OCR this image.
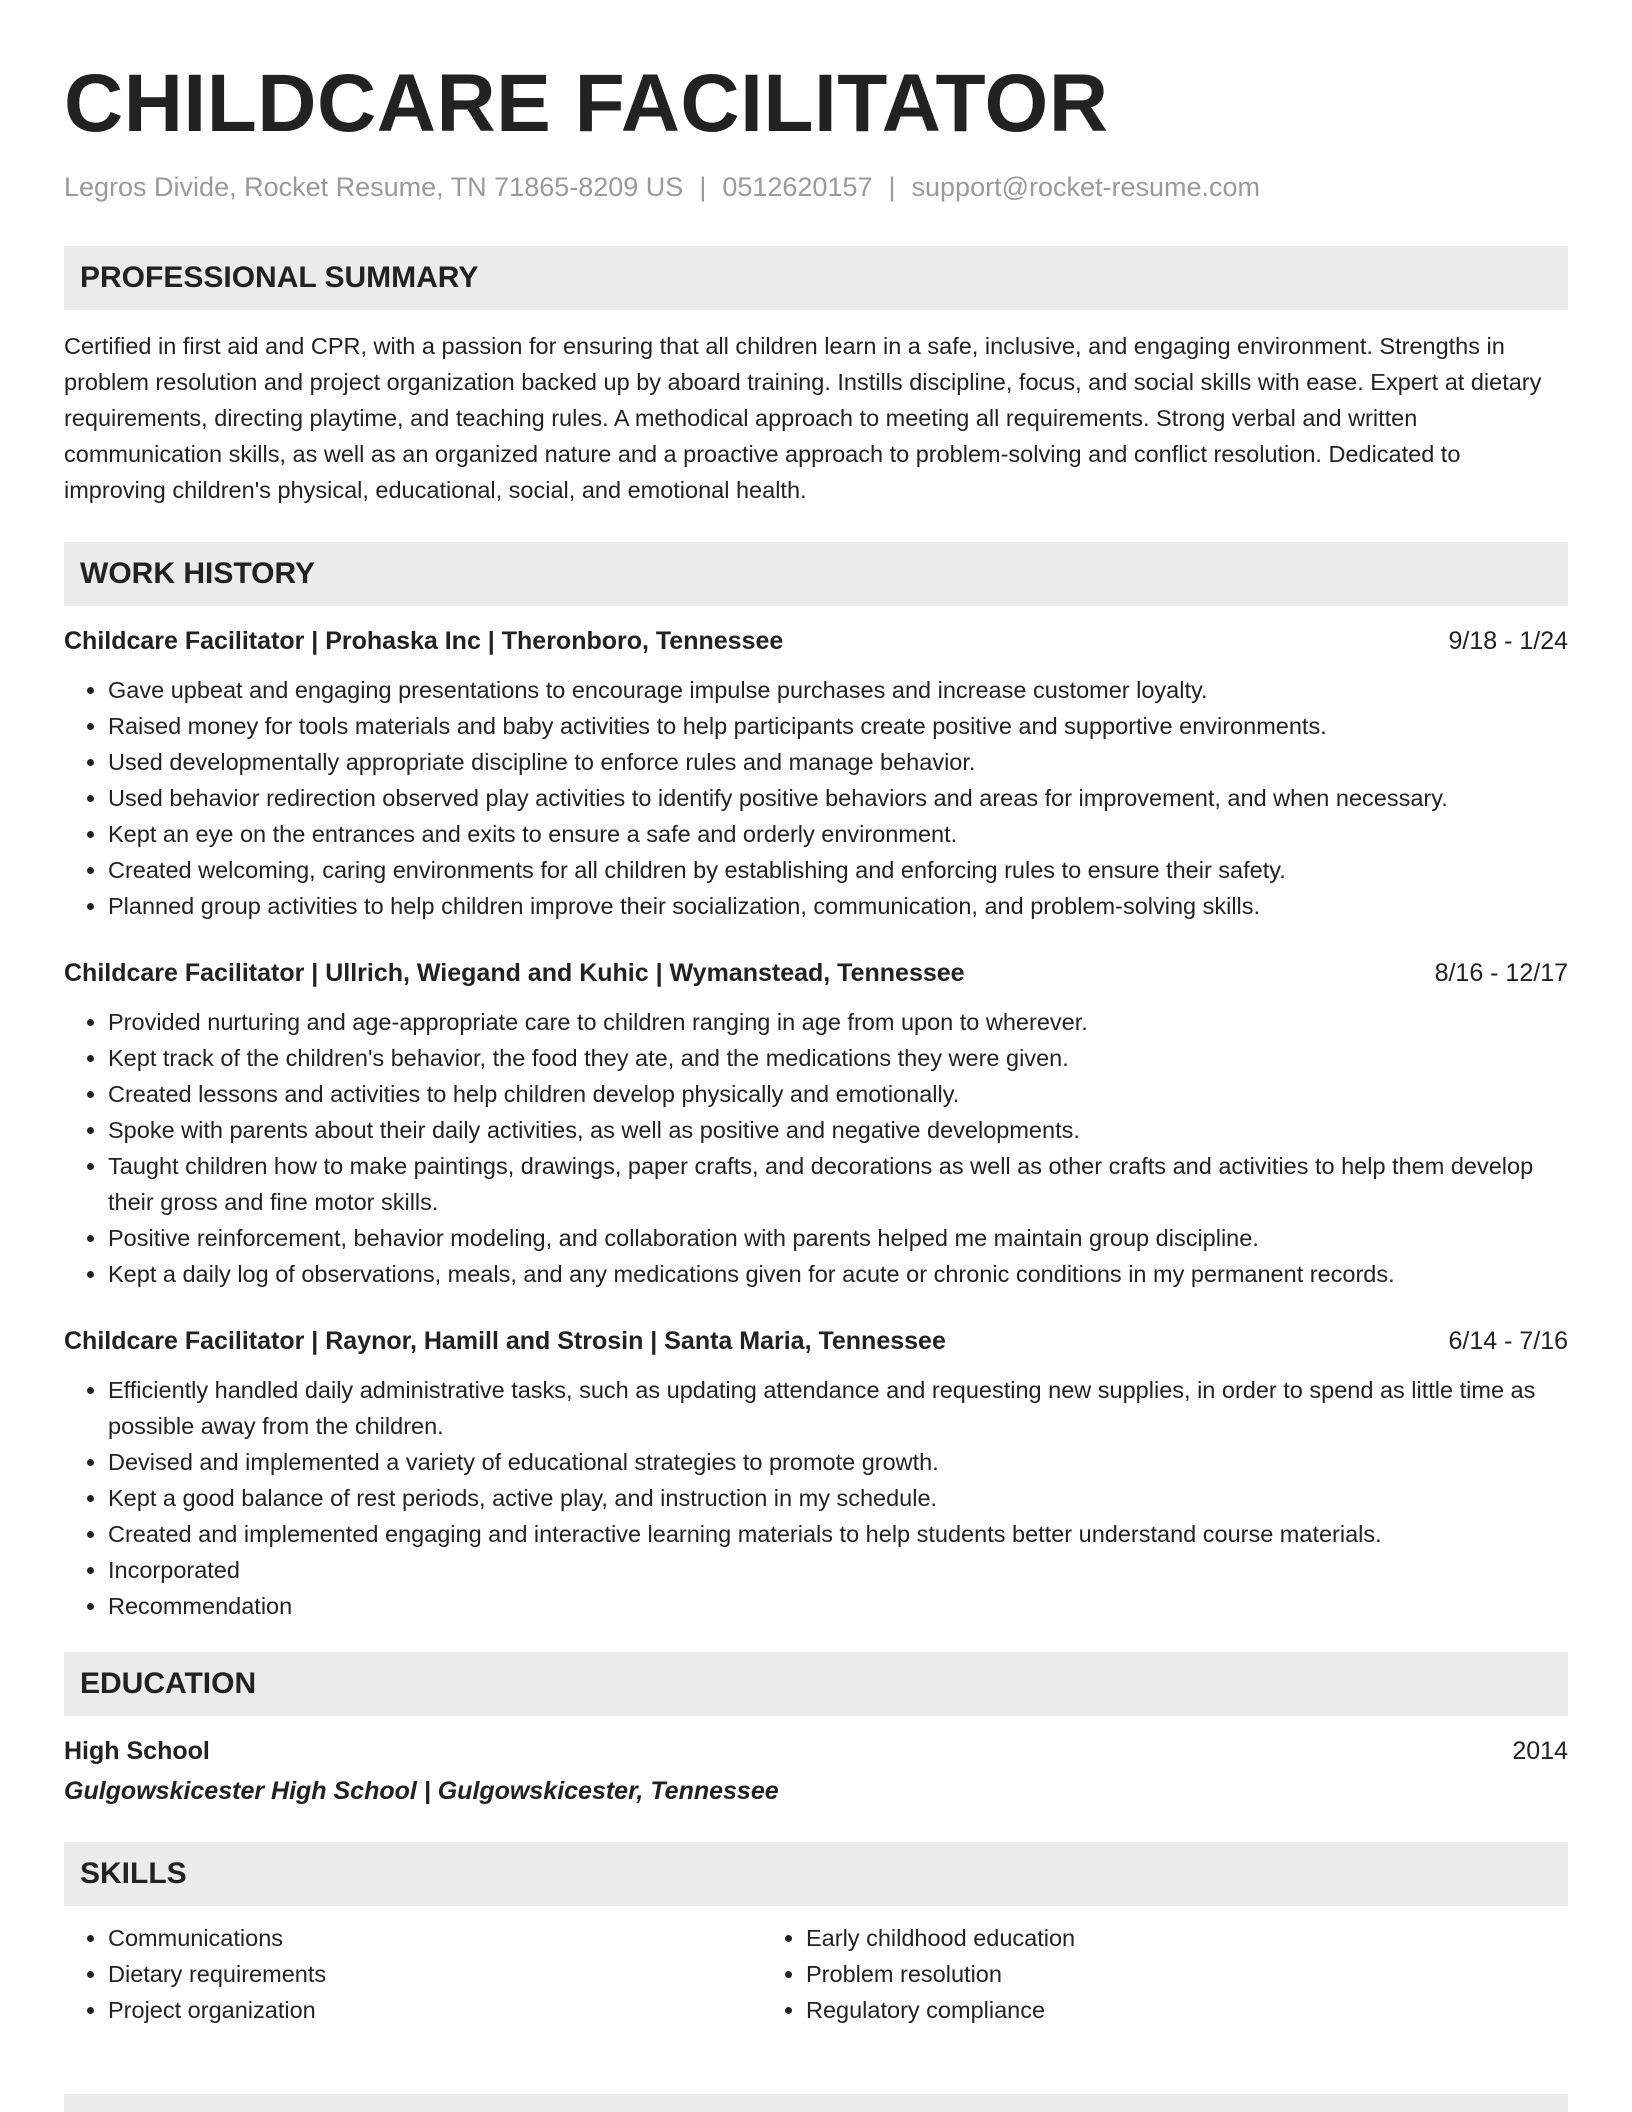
CHILDCARE FACILITATOR
Legros Divide, Rocket Resume, TN 71865-8209 US | 0512620157 | support@rocket-resume.com
PROFESSIONAL SUMMARY
Certified in first aid and CPR, with a passion for ensuring that all children learn in a safe, inclusive, and engaging environment. Strengths in problem resolution and project organization backed up by aboard training. Instills discipline, focus, and social skills with ease. Expert at dietary requirements, directing playtime, and teaching rules. A methodical approach to meeting all requirements. Strong verbal and written communication skills, as well as an organized nature and a proactive approach to problem-solving and conflict resolution. Dedicated to improving children's physical, educational, social, and emotional health.
WORK HISTORY
Childcare Facilitator | Prohaska Inc | Theronboro, Tennessee	9/18 - 1/24
• Gave upbeat and engaging presentations to encourage impulse purchases and increase customer loyalty.
• Raised money for tools materials and baby activities to help participants create positive and supportive environments.
• Used developmentally appropriate discipline to enforce rules and manage behavior.
• Used behavior redirection observed play activities to identify positive behaviors and areas for improvement, and when necessary.
• Kept an eye on the entrances and exits to ensure a safe and orderly environment.
• Created welcoming, caring environments for all children by establishing and enforcing rules to ensure their safety.
• Planned group activities to help children improve their socialization, communication, and problem-solving skills.
Childcare Facilitator | Ullrich, Wiegand and Kuhic | Wymanstead, Tennessee	8/16 - 12/17
• Provided nurturing and age-appropriate care to children ranging in age from upon to wherever.
• Kept track of the children's behavior, the food they ate, and the medications they were given.
• Created lessons and activities to help children develop physically and emotionally.
• Spoke with parents about their daily activities, as well as positive and negative developments.
• Taught children how to make paintings, drawings, paper crafts, and decorations as well as other crafts and activities to help them develop their gross and fine motor skills.
• Positive reinforcement, behavior modeling, and collaboration with parents helped me maintain group discipline.
• Kept a daily log of observations, meals, and any medications given for acute or chronic conditions in my permanent records.
Childcare Facilitator | Raynor, Hamill and Strosin | Santa Maria, Tennessee	6/14 - 7/16
• Efficiently handled daily administrative tasks, such as updating attendance and requesting new supplies, in order to spend as little time as possible away from the children.
• Devised and implemented a variety of educational strategies to promote growth.
• Kept a good balance of rest periods, active play, and instruction in my schedule.
• Created and implemented engaging and interactive learning materials to help students better understand course materials.
• Incorporated
• Recommendation
EDUCATION
High School	2014
Gulgowskicester High School | Gulgowskicester, Tennessee
SKILLS
• Communications
• Dietary requirements
• Project organization
• Early childhood education
• Problem resolution
• Regulatory compliance
